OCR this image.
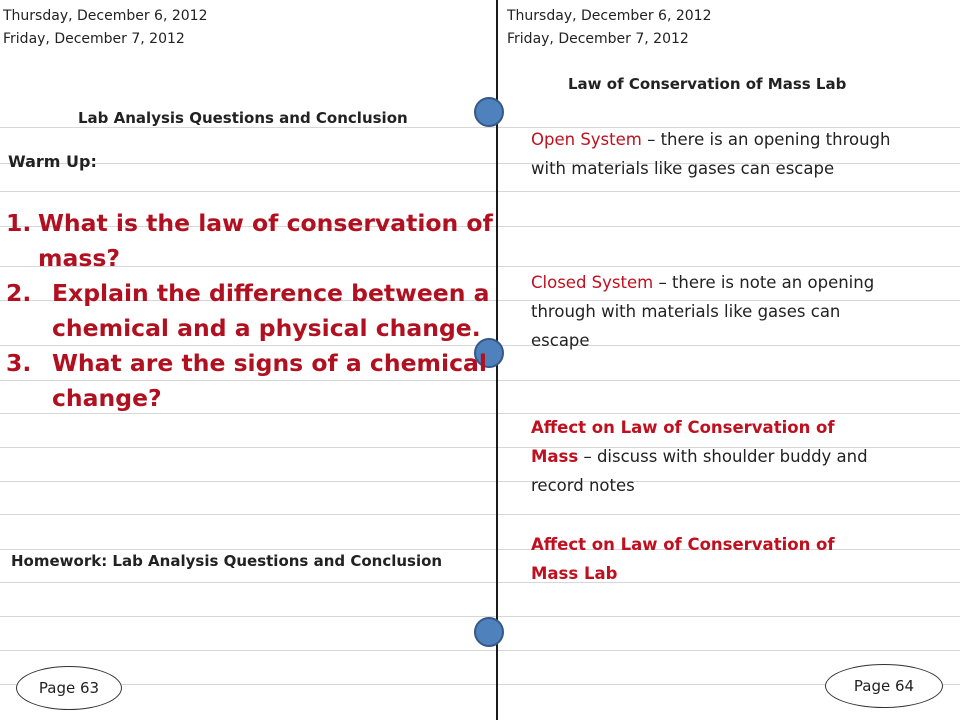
Thursday, December 6, 2012
Friday, December 7, 2012
Lab Analysis Questions and Conclusion
Warm Up:
1. What is the law of conservation of mass?
2. Explain the difference between a chemical and a physical change.
3. What are the signs of a chemical change?
Homework: Lab Analysis Questions and Conclusion
Page 63
Thursday, December 6, 2012
Friday, December 7, 2012
Law of Conservation of Mass Lab
Open System – there is an opening through with materials like gases can escape
Closed System – there is note an opening through with materials like gases can escape
Affect on Law of Conservation of Mass – discuss with shoulder buddy and record notes
Affect on Law of Conservation of Mass Lab
Page 64
